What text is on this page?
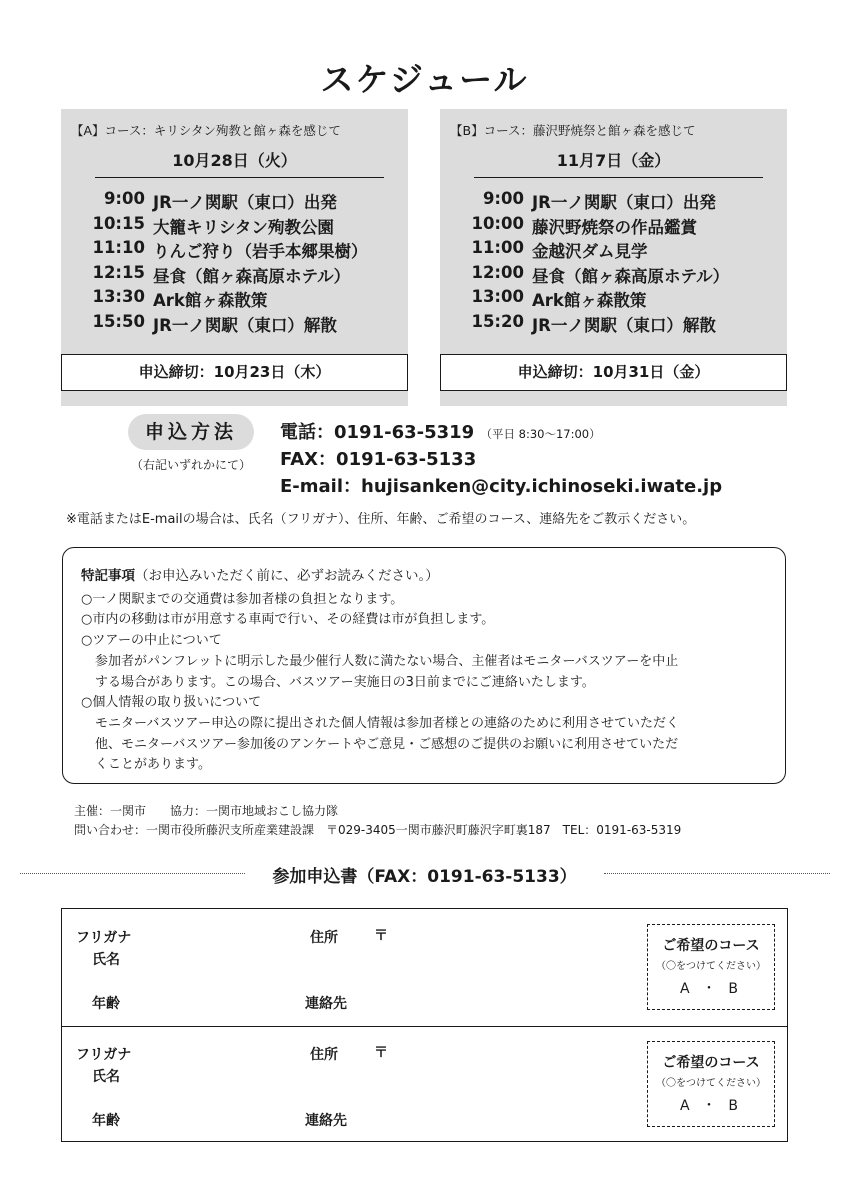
スケジュール
【A】コース：キリシタン殉教と館ヶ森を感じて
10月28日（火）
9:00 JR一ノ関駅（東口）出発
10:15 大籠キリシタン殉教公園
11:10 りんご狩り（岩手本郷果樹）
12:15 昼食（館ヶ森高原ホテル）
13:30 Ark館ヶ森散策
15:50 JR一ノ関駅（東口）解散
申込締切：10月23日（木）
【B】コース：藤沢野焼祭と館ヶ森を感じて
11月7日（金）
9:00 JR一ノ関駅（東口）出発
10:00 藤沢野焼祭の作品鑑賞
11:00 金越沢ダム見学
12:00 昼食（館ヶ森高原ホテル）
13:00 Ark館ヶ森散策
15:20 JR一ノ関駅（東口）解散
申込締切：10月31日（金）
申込方法
（右記いずれかにて）
電話：0191-63-5319 （平日 8:30～17:00）
FAX：0191-63-5133
E-mail：hujisanken@city.ichinoseki.iwate.jp
※電話またはE-mailの場合は、氏名（フリガナ）、住所、年齢、ご希望のコース、連絡先をご教示ください。
特記事項（お申込みいただく前に、必ずお読みください。）
○一ノ関駅までの交通費は参加者様の負担となります。
○市内の移動は市が用意する車両で行い、その経費は市が負担します。
○ツアーの中止について
参加者がパンフレットに明示した最少催行人数に満たない場合、主催者はモニターバスツアーを中止
する場合があります。この場合、バスツアー実施日の3日前までにご連絡いたします。
○個人情報の取り扱いについて
モニターバスツアー申込の際に提出された個人情報は参加者様との連絡のために利用させていただく
他、モニターバスツアー参加後のアンケートやご意見・ご感想のご提供のお願いに利用させていただ
くことがあります。
主催：一関市　　協力：一関市地域おこし協力隊
問い合わせ：一関市役所藤沢支所産業建設課　〒029-3405一関市藤沢町藤沢字町裏187　TEL：0191-63-5319
参加申込書（FAX：0191-63-5133）
フリガナ
氏名
住所	〒
年齢	連絡先
ご希望のコース
（〇をつけてください）
A ・ B
フリガナ
氏名
住所	〒
年齢	連絡先
ご希望のコース
（〇をつけてください）
A ・ B
